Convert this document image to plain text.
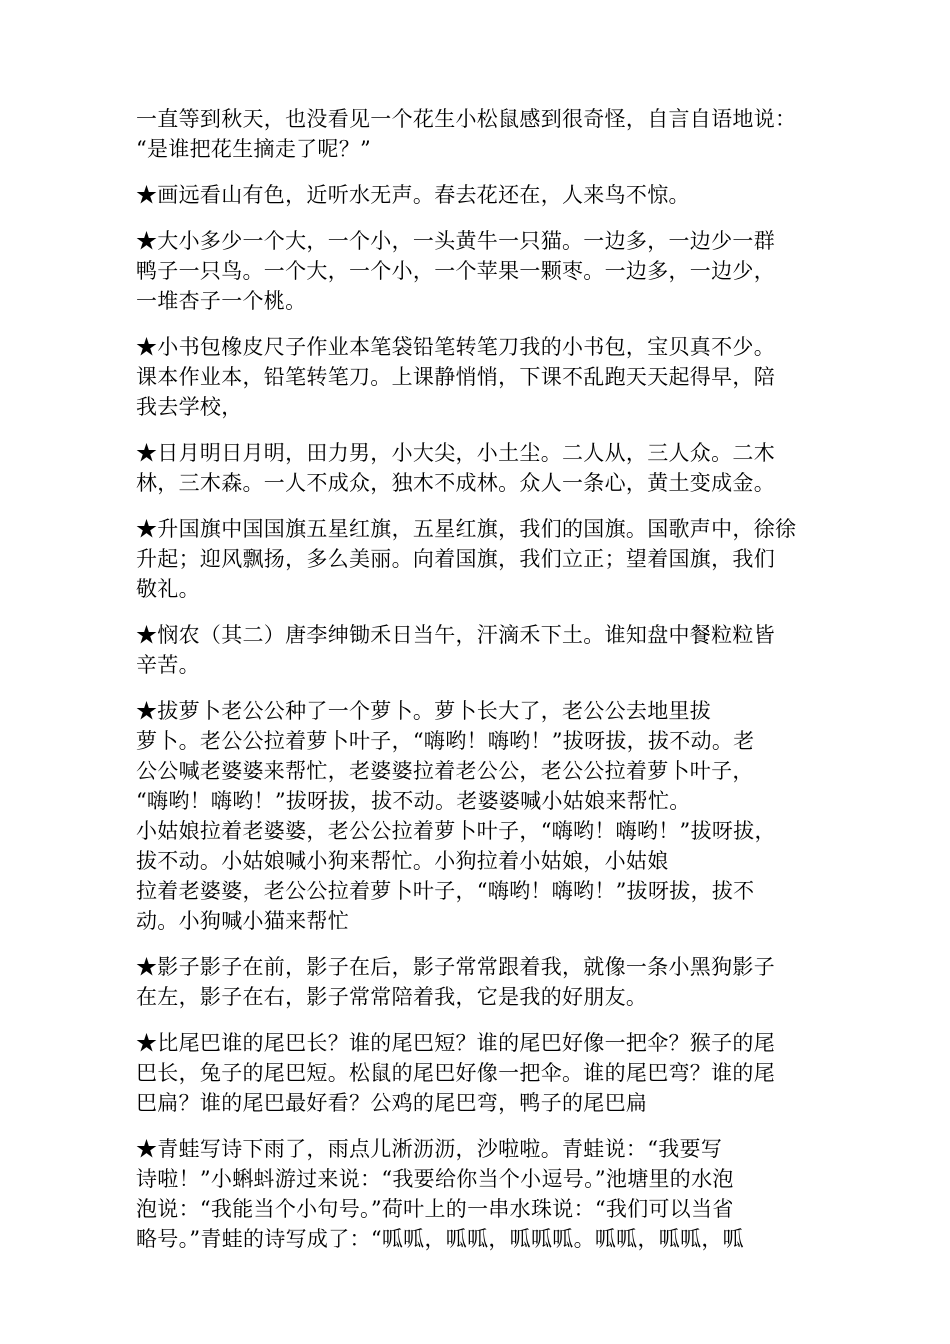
一直等到秋天，也没看见一个花生小松鼠感到很奇怪，自言自语地说：
“是谁把花生摘走了呢？”

★画远看山有色，近听水无声。春去花还在，人来鸟不惊。

★大小多少一个大，一个小，一头黄牛一只猫。一边多，一边少一群
鸭子一只鸟。一个大，一个小，一个苹果一颗枣。一边多，一边少，
一堆杏子一个桃。

★小书包橡皮尺子作业本笔袋铅笔转笔刀我的小书包，宝贝真不少。
课本作业本，铅笔转笔刀。上课静悄悄，下课不乱跑天天起得早，陪
我去学校，

★日月明日月明，田力男，小大尖，小土尘。二人从，三人众。二木
林，三木森。一人不成众，独木不成林。众人一条心，黄土变成金。

★升国旗中国国旗五星红旗，五星红旗，我们的国旗。国歌声中，徐徐
升起；迎风飘扬，多么美丽。向着国旗，我们立正；望着国旗，我们
敬礼。

★悯农（其二）唐李绅锄禾日当午，汗滴禾下土。谁知盘中餐粒粒皆
辛苦。

★拔萝卜老公公种了一个萝卜。萝卜长大了，老公公去地里拔
萝卜。老公公拉着萝卜叶子，“嗨哟！嗨哟！”拔呀拔，拔不动。老
公公喊老婆婆来帮忙，老婆婆拉着老公公，老公公拉着萝卜叶子，
“嗨哟！嗨哟！”拔呀拔，拔不动。老婆婆喊小姑娘来帮忙。
小姑娘拉着老婆婆，老公公拉着萝卜叶子，“嗨哟！嗨哟！”拔呀拔，
拔不动。小姑娘喊小狗来帮忙。小狗拉着小姑娘，小姑娘
拉着老婆婆，老公公拉着萝卜叶子，“嗨哟！嗨哟！”拔呀拔，拔不
动。小狗喊小猫来帮忙

★影子影子在前，影子在后，影子常常跟着我，就像一条小黑狗影子
在左，影子在右，影子常常陪着我，它是我的好朋友。

★比尾巴谁的尾巴长？谁的尾巴短？谁的尾巴好像一把伞？猴子的尾
巴长，兔子的尾巴短。松鼠的尾巴好像一把伞。谁的尾巴弯？谁的尾
巴扁？谁的尾巴最好看？公鸡的尾巴弯，鸭子的尾巴扁

★青蛙写诗下雨了，雨点儿淅沥沥，沙啦啦。青蛙说：“我要写
诗啦！”小蝌蚪游过来说：“我要给你当个小逗号。”池塘里的水泡
泡说：“我能当个小句号。”荷叶上的一串水珠说：“我们可以当省
略号。”青蛙的诗写成了：“呱呱，呱呱，呱呱呱。呱呱，呱呱，呱
